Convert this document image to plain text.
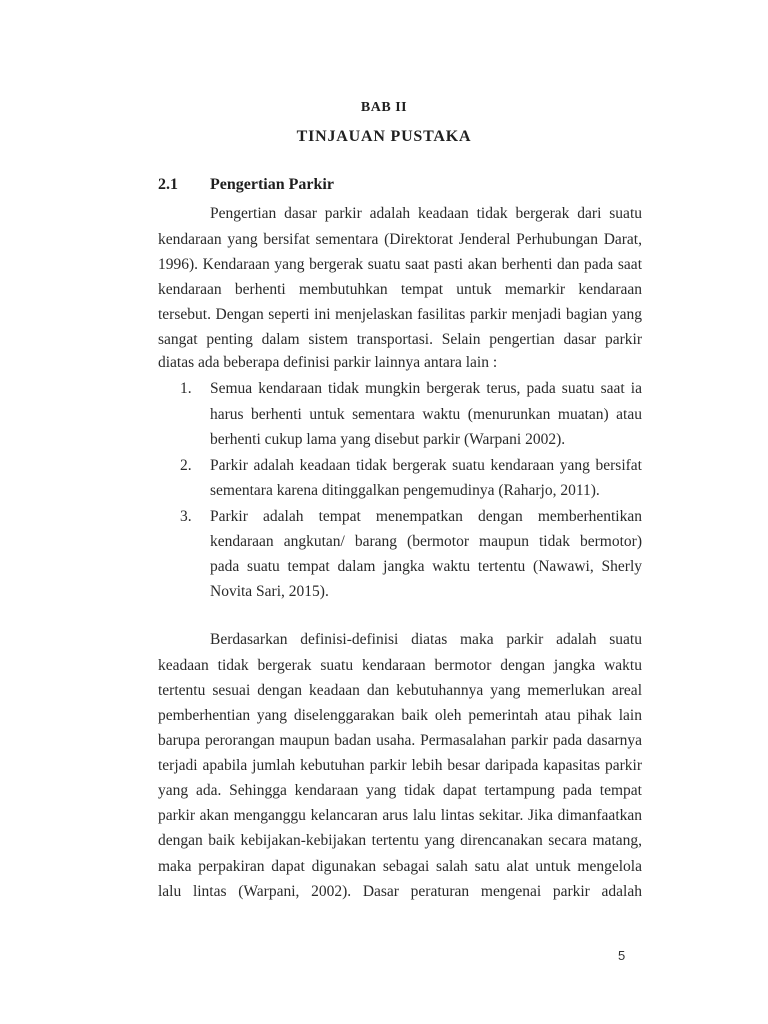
BAB II
TINJAUAN PUSTAKA
2.1 Pengertian Parkir
Pengertian dasar parkir adalah keadaan tidak bergerak dari suatu
kendaraan yang bersifat sementara (Direktorat Jenderal Perhubungan Darat,
1996). Kendaraan yang bergerak suatu saat pasti akan berhenti dan pada saat
kendaraan berhenti membutuhkan tempat untuk memarkir kendaraan
tersebut. Dengan seperti ini menjelaskan fasilitas parkir menjadi bagian yang
sangat penting dalam sistem transportasi. Selain pengertian dasar parkir
diatas ada beberapa definisi parkir lainnya antara lain :
1. Semua kendaraan tidak mungkin bergerak terus, pada suatu saat ia
harus berhenti untuk sementara waktu (menurunkan muatan) atau
berhenti cukup lama yang disebut parkir (Warpani 2002).
2. Parkir adalah keadaan tidak bergerak suatu kendaraan yang bersifat
sementara karena ditinggalkan pengemudinya (Raharjo, 2011).
3. Parkir adalah tempat menempatkan dengan memberhentikan
kendaraan angkutan/ barang (bermotor maupun tidak bermotor)
pada suatu tempat dalam jangka waktu tertentu (Nawawi, Sherly
Novita Sari, 2015).
Berdasarkan definisi-definisi diatas maka parkir adalah suatu
keadaan tidak bergerak suatu kendaraan bermotor dengan jangka waktu
tertentu sesuai dengan keadaan dan kebutuhannya yang memerlukan areal
pemberhentian yang diselenggarakan baik oleh pemerintah atau pihak lain
barupa perorangan maupun badan usaha. Permasalahan parkir pada dasarnya
terjadi apabila jumlah kebutuhan parkir lebih besar daripada kapasitas parkir
yang ada. Sehingga kendaraan yang tidak dapat tertampung pada tempat
parkir akan menganggu kelancaran arus lalu lintas sekitar. Jika dimanfaatkan
dengan baik kebijakan-kebijakan tertentu yang direncanakan secara matang,
maka perpakiran dapat digunakan sebagai salah satu alat untuk mengelola
lalu lintas (Warpani, 2002). Dasar peraturan mengenai parkir adalah
5
